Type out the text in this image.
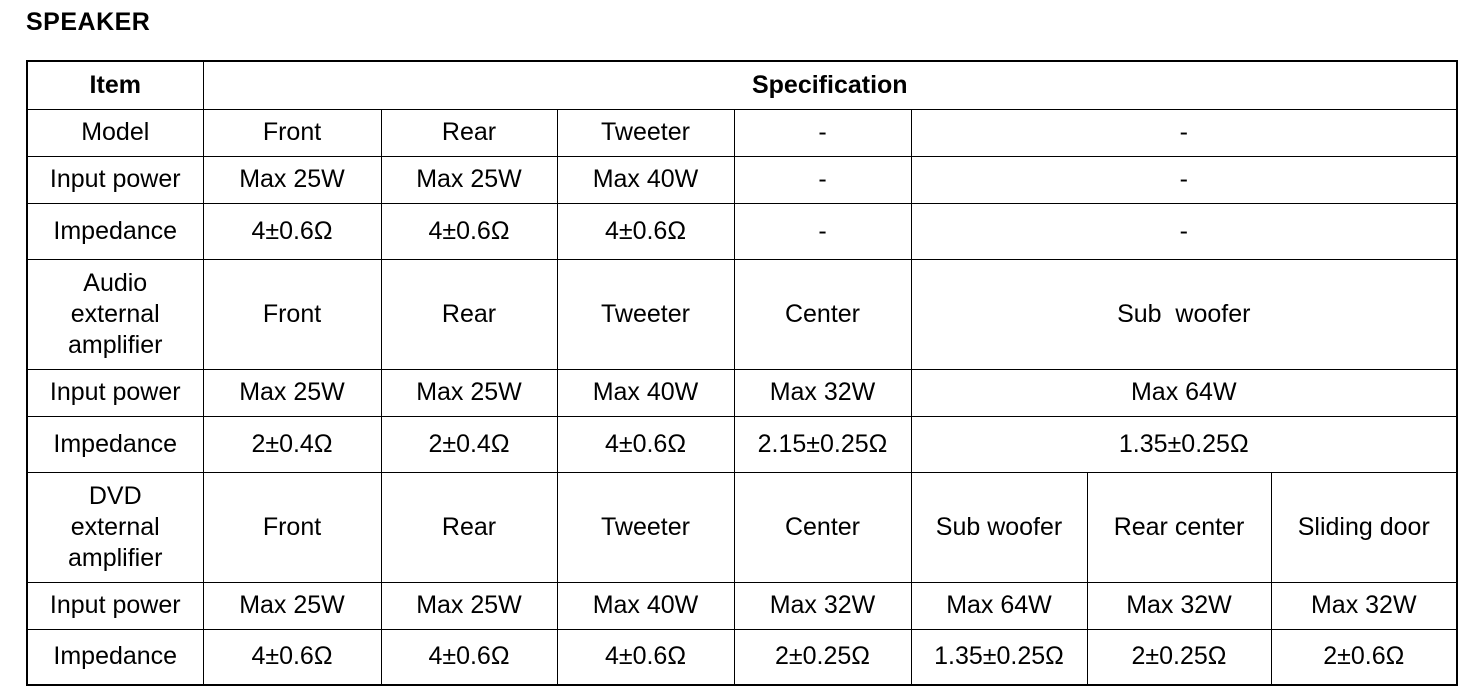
SPEAKER
Item	Specification						
Model	Front	Rear	Tweeter	-	-		
Input power	Max 25W	Max 25W	Max 40W	-	-		
Impedance	4±0.6Ω	4±0.6Ω	4±0.6Ω	-	-		

Audio
external
amplifier	Front	Rear	Tweeter	Center	Sub  woofer		
Input power	Max 25W	Max 25W	Max 40W	Max 32W	Max 64W		
Impedance	2±0.4Ω	2±0.4Ω	4±0.6Ω	2.15±0.25Ω	1.35±0.25Ω		

DVD
external
amplifier	Front	Rear	Tweeter	Center	Sub woofer	Rear center	Sliding door
Input power	Max 25W	Max 25W	Max 40W	Max 32W	Max 64W	Max 32W	Max 32W
Impedance	4±0.6Ω	4±0.6Ω	4±0.6Ω	2±0.25Ω	1.35±0.25Ω	2±0.25Ω	2±0.6Ω
